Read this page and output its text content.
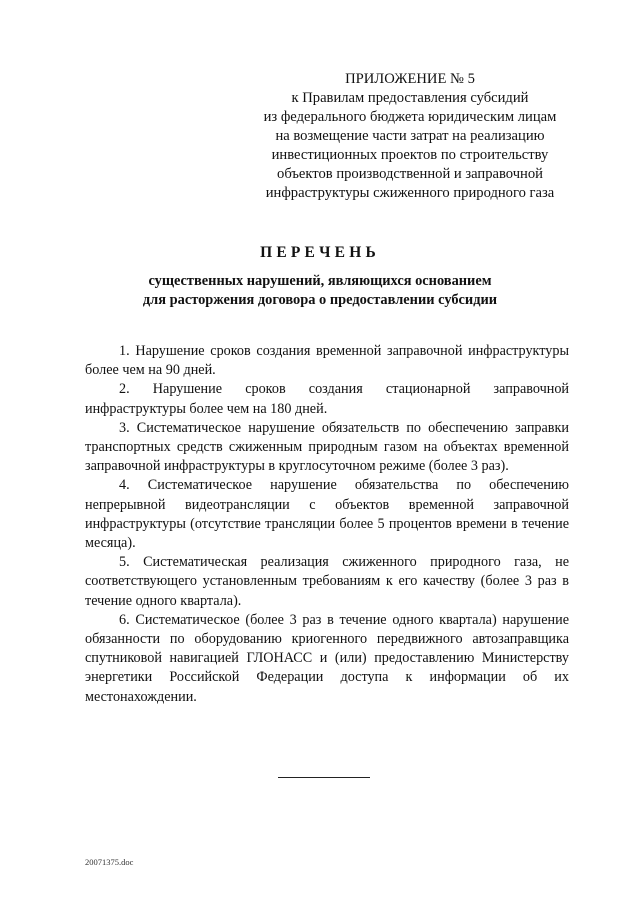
ПРИЛОЖЕНИЕ № 5
к Правилам предоставления субсидий
из федерального бюджета юридическим лицам
на возмещение части затрат на реализацию
инвестиционных проектов по строительству
объектов производственной и заправочной
инфраструктуры сжиженного природного газа
ПЕРЕЧЕНЬ
существенных нарушений, являющихся основанием
для расторжения договора о предоставлении субсидии

1. Нарушение сроков создания временной заправочной инфраструктуры более чем на 90 дней.

2. Нарушение сроков создания стационарной заправочной инфраструктуры более чем на 180 дней.

3. Систематическое нарушение обязательств по обеспечению заправки транспортных средств сжиженным природным газом на объектах временной заправочной инфраструктуры в круглосуточном режиме (более 3 раз).

4. Систематическое нарушение обязательства по обеспечению непрерывной видеотрансляции с объектов временной заправочной инфраструктуры (отсутствие трансляции более 5 процентов времени в течение месяца).

5. Систематическая реализация сжиженного природного газа, не соответствующего установленным требованиям к его качеству (более 3 раз в течение одного квартала).

6. Систематическое (более 3 раз в течение одного квартала) нарушение обязанности по оборудованию криогенного передвижного автозаправщика спутниковой навигацией ГЛОНАСС и (или) предоставлению Министерству энергетики Российской Федерации доступа к информации об их местонахождении.

20071375.doc
